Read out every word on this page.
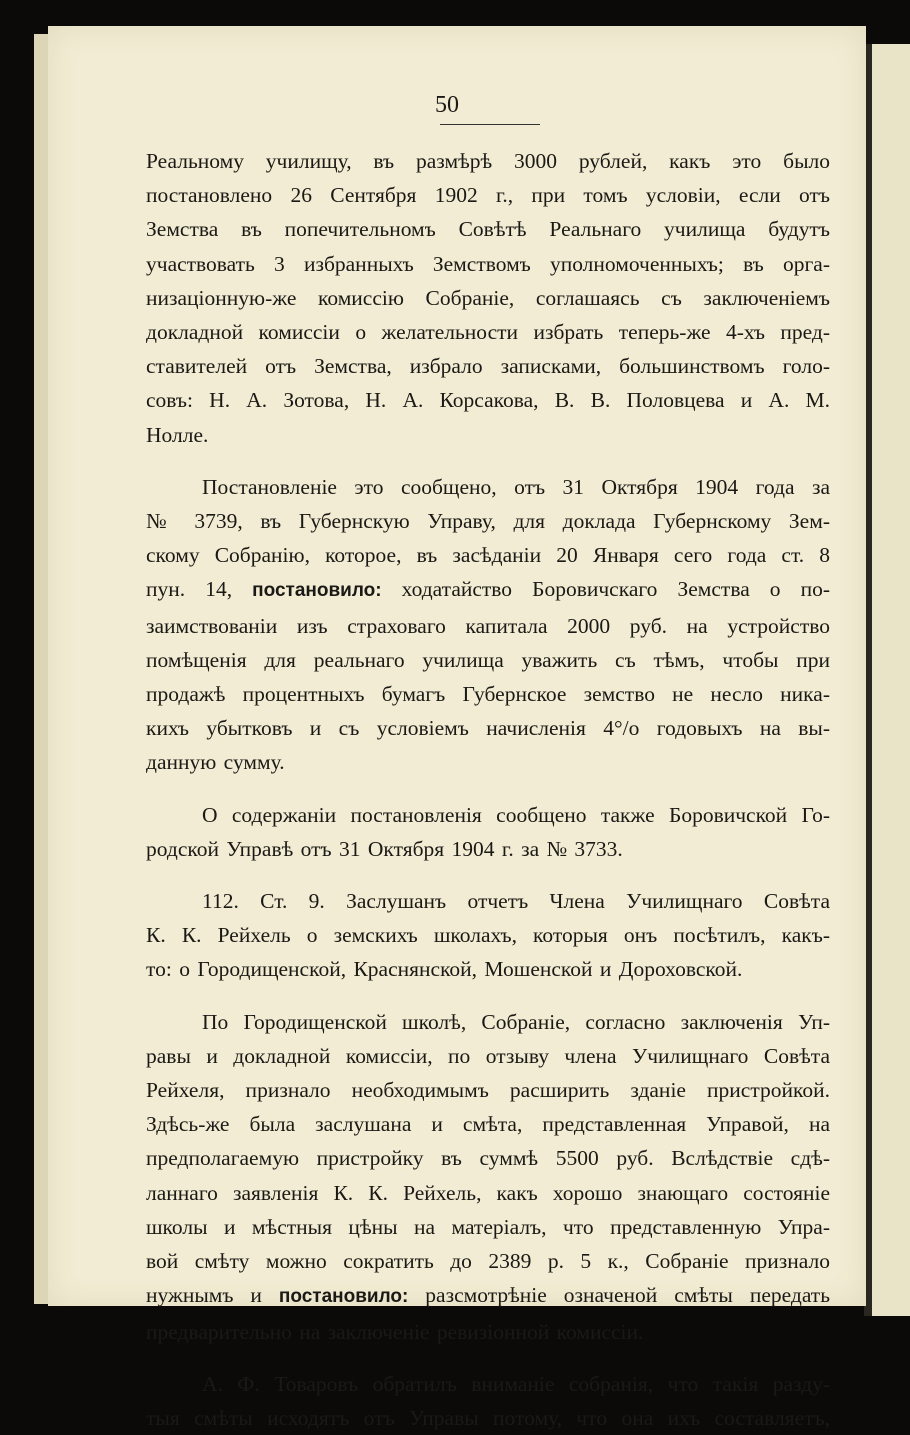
50
Реальному училищу, въ размѣрѣ 3000 рублей, какъ это было
постановлено 26 Сентября 1902 г., при томъ условіи, если отъ
Земства въ попечительномъ Совѣтѣ Реальнаго училища будутъ
участвовать 3 избранныхъ Земствомъ уполномоченныхъ; въ орга-
низаціонную-же комиссію Собраніе, соглашаясь съ заключеніемъ
докладной комиссіи о желательности избрать теперь-же 4-хъ пред-
ставителей отъ Земства, избрало записками, большинствомъ голо-
совъ: Н. А. Зотова, Н. А. Корсакова, В. В. Половцева и А. М.
Нолле.
Постановленіе это сообщено, отъ 31 Октября 1904 года за
№ 3739, въ Губернскую Управу, для доклада Губернскому Зем-
скому Собранію, которое, въ засѣданіи 20 Января сего года ст. 8
пун. 14, постановило: ходатайство Боровичскаго Земства о по-
заимствованіи изъ страховаго капитала 2000 руб. на устройство
помѣщенія для реальнаго училища уважить съ тѣмъ, чтобы при
продажѣ процентныхъ бумагъ Губернское земство не несло ника-
кихъ убытковъ и съ условіемъ начисленія 4°/о годовыхъ на вы-
данную сумму.
О содержаніи постановленія сообщено также Боровичской Го-
родской Управѣ отъ 31 Октября 1904 г. за № 3733.
112. Ст. 9. Заслушанъ отчетъ Члена Училищнаго Совѣта
К. К. Рейхель о земскихъ школахъ, которыя онъ посѣтилъ, какъ-
то: о Городищенской, Краснянской, Мошенской и Дороховской.
По Городищенской школѣ, Собраніе, согласно заключенія Уп-
равы и докладной комиссіи, по отзыву члена Училищнаго Совѣта
Рейхеля, признало необходимымъ расширить зданіе пристройкой.
Здѣсь-же была заслушана и смѣта, представленная Управой, на
предполагаемую пристройку въ суммѣ 5500 руб. Вслѣдствіе сдѣ-
ланнаго заявленія К. К. Рейхель, какъ хорошо знающаго состояніе
школы и мѣстныя цѣны на матеріалъ, что представленную Упра-
вой смѣту можно сократить до 2389 р. 5 к., Собраніе признало
нужнымъ и постановило: разсмотрѣніе означеной смѣты передать
предварительно на заключеніе ревизіонной комиссіи.
А. Ф. Товаровъ обратилъ вниманіе собранія, что такія разду-
тыя смѣты исходятъ отъ Управы потому, что она ихъ составляетъ,
